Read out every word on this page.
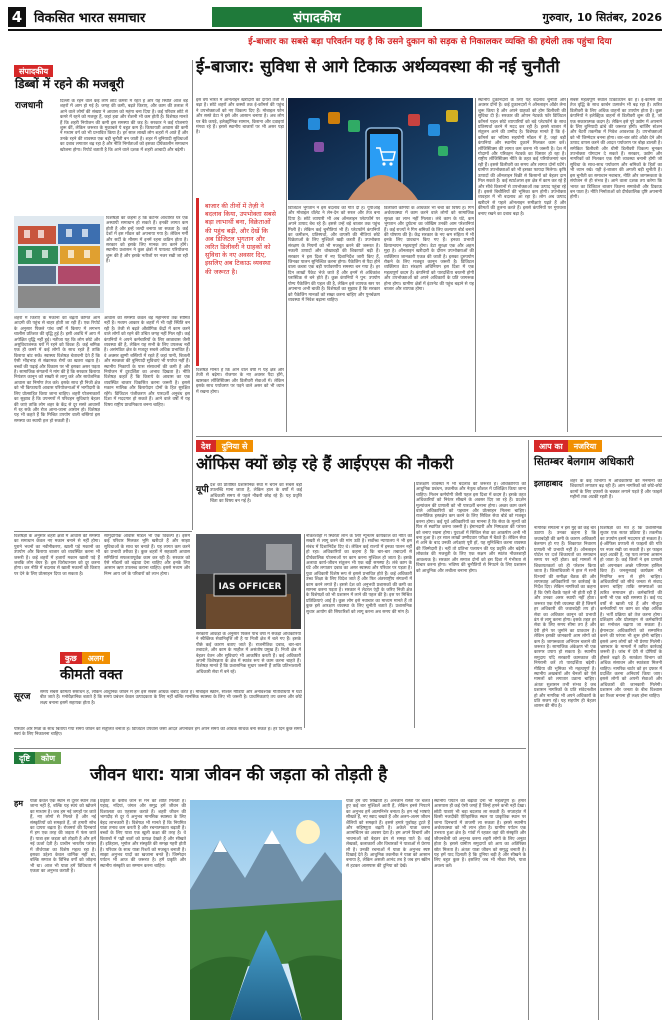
4 विकसित भारत समाचार	संपादकीय	गुरुवार, 10 सितंबर, 2026
संपादकीय
डिब्बों में रहने की मजबूरी
राजधानी	दिल्ली के रहने वाले कई लोग छोटे कमरों में रहते हैं और यह स्थिति आज बड़े शहरों में आम हो गई है। जगह की कमी, बढ़ते किराए, और काम की तलाश में आने वाले लोगों की संख्या ने आवास को महंगा बना दिया है। कई परिवार छोटे से कमरे में रहने को मजबूर हैं, जहां हवा और रोशनी भी कम होती है। विशेषज्ञ मानते हैं कि शहरी नियोजन की कमी इस समस्या की जड़ है। सरकार ने कई योजनाएं शुरू कीं, लेकिन जरूरत के मुकाबले ये बहुत कम हैं। किफायती आवास की कमी ने मध्यम वर्ग को भी प्रभावित किया है। हर साल लाखों लोग शहरों में आते हैं और उनके रहने की व्यवस्था एक बड़ी चुनौती बन जाती है। शहर में बुनियादी सुविधाओं का दबाव लगातार बढ़ रहा है और नीति निर्माताओं को इसका दीर्घकालीन समाधान खोजना होगा। रिपोर्ट बताती है कि आने वाले दशक में शहरी आबादी और बढ़ेगी।
विशेषज्ञों का कहना है कि कंटेनर आधारित घर एक अस्थायी समाधान हो सकते हैं। इनकी लागत कम होती है और इन्हें जल्दी बनाया जा सकता है। कई देशों में इस मॉडल को अपनाया गया है। लेकिन गर्मी और सर्दी के मौसम में इनमें रहना कठिन होता है। सरकार को इसके लिए मानक तय करने होंगे। स्थानीय प्रशासन ने कुछ क्षेत्रों में पायलट परियोजना शुरू की है और इसके नतीजों पर नजर रखी जा रही है।
शहरों में किराए के मकानों की बढ़ती कीमतें आम आदमी की पहुंच से बाहर होती जा रही हैं। एक रिपोर्ट के अनुसार पिछले पांच वर्षों में किराए में लगभग चालीस प्रतिशत की वृद्धि हुई है। इसी अवधि में आय में अपेक्षित वृद्धि नहीं हुई। नतीजा यह कि लोग छोटे और असुविधाजनक घरों में रहने को विवश हैं। कई श्रमिक एक ही कमरे में कई लोगों के साथ रहते हैं ताकि किराया बांट सकें। स्वास्थ्य विशेषज्ञ चेतावनी देते हैं कि ऐसी भीड़भाड़ से संक्रामक रोगों का खतरा बढ़ता है। बच्चों की पढ़ाई और विकास पर भी इसका असर पड़ता है। सामाजिक संगठनों ने मांग की है कि सरकार किराया नियंत्रण कानून को सख्ती से लागू करे और सार्वजनिक आवास का निर्माण तेज करे। इसके साथ ही निजी क्षेत्र को भी किफायती आवास परियोजनाओं में भागीदारी के लिए प्रोत्साहित किया जाना चाहिए। शहरी योजनाकारों का सुझाव है कि उपनगरों में परिवहन सुविधाएं बेहतर की जाएं ताकि लोग शहर के केंद्र से दूर सस्ते आवासों में रह सकें और रोज आना-जाना आसान हो। विशेषज्ञ यह भी कहते हैं कि मिश्रित उपयोग वाली बस्तियां इस समस्या का स्थायी हल हो सकती हैं।
आवास की समस्या केवल बड़े महानगरों तक सीमित नहीं है। मध्यम आकार के शहरों में भी यही स्थिति बन रही है। तेजी से बढ़ते औद्योगिक केंद्रों में काम करने वाले लोगों को रहने की उचित जगह नहीं मिल रही। कई कंपनियों ने अपने कर्मचारियों के लिए छात्रावास जैसी व्यवस्था की है, लेकिन यह सभी के लिए उपलब्ध नहीं है। असंगठित क्षेत्र के मजदूर सबसे अधिक प्रभावित हैं। वे अक्सर झुग्गी बस्तियों में रहते हैं जहां पानी, बिजली और स्वच्छता की बुनियादी सुविधाएं भी पर्याप्त नहीं हैं। स्थानीय निकायों के पास संसाधनों की कमी है और नियोजन में दूरदर्शिता का अभाव दिखता है। नीति विशेषज्ञ कहते हैं कि किराये के आवास का एक व्यवस्थित बाजार विकसित करना जरूरी है। इससे मकान मालिक और किरायेदार दोनों के हित सुरक्षित रहेंगे। डिजिटल पंजीकरण और पारदर्शी अनुबंध इस दिशा में मददगार हो सकते हैं। आने वाले वर्षों में यह विषय राष्ट्रीय प्राथमिकता बनना चाहिए।
ई-बाजार का सबसे बड़ा परिवर्तन यह है कि उसने दुकान को सड़क से निकालकर व्यक्ति की हथेली तक पहुंचा दिया
ई-बाजार: सुविधा से आगे टिकाऊ अर्थव्यवस्था की नई चुनौती
इस वर्ष भारत में ऑनलाइन खरीदारी का दायरा तेजी से बढ़ा है। छोटे शहरों और कस्बों तक ई-कॉमर्स की पहुंच ने उपभोक्ताओं को नए विकल्प दिए हैं। मोबाइल फोन और सस्ते डेटा ने इसे और आसान बनाया है। अब लोग घर बैठे कपड़े, इलेक्ट्रॉनिक सामान, किराना और दवाइयां मंगवा रहे हैं। इससे स्थानीय बाजारों पर भी असर पड़ा है।
बाजार की तीनों में तेज़ी ने बदलाव किया, उपभोक्ता सबसे बड़ा लाभार्थी बना, विक्रेताओं की पहुंच बढ़ी, और देखें कि अब डिजिटल भुगतान और त्वरित डिलीवरी ने ग्राहकों को सुविधा के नए अवसर दिए, इसलिए अब टिकाऊ व्यवस्था की जरूरत है।
विशेषज्ञ मानते हैं कि आने वाले वर्षों में यह क्षेत्र और तेजी से बढ़ेगा। रोजगार के नए अवसर पैदा होंगे, खासकर लॉजिस्टिक्स और डिलीवरी सेवाओं में। लेकिन इसके साथ पर्यावरण पर पड़ने वाले असर को भी ध्यान में रखना होगा।
डिजिटल भुगतान ने इस बदलाव को गति दी है। यूपीआई और मोबाइल वॉलेट ने लेन-देन को सरल और तेज बना दिया है। छोटे व्यापारी भी अब ऑनलाइन प्लेटफॉर्म पर अपने उत्पाद बेच रहे हैं। इससे उन्हें बड़े बाजार तक पहुंच मिली है। लेकिन कई चुनौतियां भी हैं। प्लेटफॉर्म कंपनियों का कमीशन, प्रतिस्पर्धा, और वापसी की नीतियां छोटे विक्रेताओं के लिए मुश्किलें खड़ी करती हैं। उपभोक्ता संरक्षण के नियमों को भी मजबूत करने की जरूरत है। नकली उत्पादों और धोखाधड़ी की शिकायतें बढ़ी हैं। सरकार ने इस दिशा में नए दिशानिर्देश जारी किए हैं, जिनका पालन सुनिश्चित करना होगा। पैकेजिंग से पैदा होने वाला कचरा एक बड़ी पर्यावरणीय समस्या बन गया है। हर दिन लाखों पैकेट भेजे जाते हैं और इनमें से अधिकांश प्लास्टिक से बने होते हैं। कुछ कंपनियों ने पुन: उपयोग योग्य पैकेजिंग की पहल की है, लेकिन इसे व्यापक स्तर पर अपनाना अभी बाकी है। विशेषज्ञों का सुझाव है कि सरकार को पैकेजिंग मानकों को सख्त करना चाहिए और पुनर्चक्रण व्यवस्था में निवेश बढ़ाना चाहिए।
डिलीवरी कर्मियों के अधिकार भी चर्चा का विषय हैं। गिग अर्थव्यवस्था में काम करने वाले लोगों को सामाजिक सुरक्षा का लाभ नहीं मिलता। लंबे काम के घंटे, कम भुगतान और दुर्घटना का जोखिम उनकी आम परेशानियां हैं। कई राज्यों ने गिग श्रमिकों के लिए कल्याण बोर्ड बनाने की घोषणा की है। केंद्र सरकार के नए श्रम संहिता में भी इनके लिए प्रावधान किए गए हैं। इनका प्रभावी क्रियान्वयन महत्वपूर्ण होगा। डेटा सुरक्षा एक और अहम मुद्दा है। ऑनलाइन खरीदारी के दौरान उपभोक्ताओं की व्यक्तिगत जानकारी एकत्र की जाती है। इसका दुरुपयोग रोकने के लिए मजबूत कानून जरूरी है। डिजिटल व्यक्तिगत डेटा संरक्षण अधिनियम इस दिशा में एक महत्वपूर्ण कदम है। कंपनियों को पारदर्शिता बरतनी होगी और उपभोक्ताओं को अपने अधिकारों के प्रति जागरूक होना होगा। ग्रामीण क्षेत्रों में इंटरनेट की पहुंच बढ़ाने से यह बाजार और व्यापक होगा।
स्थानीय दुकानदारों के लिए यह बदलाव चुनौती और अवसर दोनों है। कई दुकानदारों ने ऑनलाइन ऑर्डर लेना शुरू किया है और अपने ग्राहकों को होम डिलीवरी की सुविधा दी है। सरकार की ओपन नेटवर्क फॉर डिजिटल कॉमर्स पहल छोटे व्यापारियों को बड़े प्लेटफॉर्म के साथ प्रतिस्पर्धा करने में मदद कर रही है। इससे बाजार में संतुलन आने की उम्मीद है। विशेषज्ञ मानते हैं कि ई-कॉमर्स का भविष्य सहयोगी मॉडल में है, जहां बड़ी कंपनियां और स्थानीय दुकानें मिलकर काम करें। लॉजिस्टिक्स की लागत कम करना भी जरूरी है। देश में गोदामों और परिवहन नेटवर्क का विस्तार हो रहा है। राष्ट्रीय लॉजिस्टिक्स नीति के तहत कई परियोजनाएं चल रही हैं। इससे डिलीवरी का समय और लागत दोनों घटेंगे। ग्रामीण उपभोक्ताओं को भी इसका फायदा मिलेगा। कृषि उत्पादों की ऑनलाइन बिक्री से किसानों को बेहतर दाम मिल सकते हैं। कई स्टार्टअप्स इस क्षेत्र में काम कर रहे हैं और सीधे किसानों से उपभोक्ताओं तक उत्पाद पहुंचा रहे हैं। इससे बिचौलियों की भूमिका कम होगी। उपभोक्ता व्यवहार में भी बदलाव आ रहा है। लोग अब उत्पाद खरीदने से पहले ऑनलाइन समीक्षाएं पढ़ते हैं और कीमतों की तुलना करते हैं। इससे कंपनियों पर गुणवत्ता बनाए रखने का दबाव बढ़ा है।
सबसे महत्वपूर्ण सवाल टिकाऊपन का है। ई-कॉमर्स की तेज वृद्धि के साथ कार्बन उत्सर्जन भी बढ़ रहा है। त्वरित डिलीवरी के लिए अधिक वाहनों का उपयोग होता है। कुछ कंपनियों ने इलेक्ट्रिक वाहनों से डिलीवरी शुरू की है, जो एक सकारात्मक कदम है। लेकिन इसे पूरे उद्योग में अपनाने के लिए बुनियादी ढांचे की जरूरत होगी। चार्जिंग स्टेशन और बैटरी तकनीक में निवेश आवश्यक है। उपभोक्ताओं को भी जिम्मेदार बनना होगा। बार-बार छोटे ऑर्डर देने और उत्पाद वापस करने की आदत पर्यावरण पर बोझ डालती है। समेकित डिलीवरी और धीमी डिलीवरी विकल्प चुनकर उपभोक्ता योगदान दे सकते हैं। सरकार, उद्योग और नागरिकों को मिलकर एक ऐसी व्यवस्था बनानी होगी जो सुविधा के साथ-साथ पर्यावरण और श्रमिकों के हितों का भी ध्यान रखे। यही ई-बाजार की अगली बड़ी चुनौती है। इस चुनौती का समाधान नवाचार, नीति और जागरूकता के संयोजन से ही संभव है। आने वाला दशक तय करेगा कि भारत का डिजिटल बाजार कितना समावेशी और टिकाऊ बन पाता है। नीति निर्माताओं को दीर्घकालिक दृष्टि अपनानी होगी।
देश	दुनिया से
ऑफिस क्यों छोड़ रहे हैं आईएएस की नौकरी
यूपी देश की प्रतिष्ठित प्रशासनिक सेवा में चयन को सबसे बड़ी उपलब्धि माना जाता है, लेकिन हाल के वर्षों में कई अधिकारी समय से पहले नौकरी छोड़ रहे हैं। यह प्रवृत्ति चिंता का विषय बन गई है।
IAS OFFICER
सरकारी आंकड़ों के अनुसार पिछले पांच वर्षों में सैकड़ों अधिकारियों ने स्वैच्छिक सेवानिवृत्ति ली है या निजी क्षेत्र में चले गए हैं। इसके पीछे कई कारण बताए जाते हैं। राजनीतिक दबाव, बार-बार तबादले, और काम के माहौल में असंतोष प्रमुख हैं। निजी क्षेत्र में बेहतर वेतन और सुविधाएं भी आकर्षित करती हैं। कई अधिकारी अपनी विशेषज्ञता के क्षेत्र में स्वतंत्र रूप से काम करना चाहते हैं। विशेषज्ञ मानते हैं कि प्रशासनिक सुधार जरूरी हैं ताकि प्रतिभाशाली अधिकारी सेवा में बने रहें।
नौकरशाही में स्थिरता लाने के लिए न्यूनतम कार्यकाल की नीति को सख्ती से लागू करने की मांग उठी है। सर्वोच्च न्यायालय ने भी इस संबंध में दिशानिर्देश दिए थे। लेकिन कई राज्यों में इनका पालन नहीं हो रहा। अधिकारियों का कहना है कि बार-बार तबादलों से दीर्घकालिक योजनाओं पर काम करना मुश्किल हो जाता है। इसके अलावा कार्य-जीवन संतुलन भी एक बड़ी समस्या है। लंबे काम के घंटे और लगातार दबाव का असर स्वास्थ्य और परिवार पर पड़ता है। युवा अधिकारी विशेष रूप से इससे प्रभावित होते हैं। कई अधिकारी उच्च शिक्षा के लिए विदेश जाते हैं और फिर अंतरराष्ट्रीय संगठनों में काम करने लगते हैं। इससे देश को अनुभवी प्रशासकों की कमी का सामना करना पड़ता है। सरकार ने लेटरल एंट्री के जरिए निजी क्षेत्र के विशेषज्ञों को भी प्रशासन में लाने की पहल की है। इस पर मिश्रित प्रतिक्रियाएं आई हैं। कुछ लोग इसे नवाचार का माध्यम मानते हैं तो कुछ इसे आरक्षण व्यवस्था के लिए चुनौती बताते हैं। प्रशासनिक सुधार आयोग की सिफारिशों को लागू करना अब समय की मांग है।
प्रशिक्षण व्यवस्था में भी बदलाव की जरूरत है। अधिकारियों को आधुनिक प्रबंधन, तकनीक और नेतृत्व कौशल में प्रशिक्षित किया जाना चाहिए। मिशन कर्मयोगी जैसी पहल इस दिशा में कदम है। इसके तहत अधिकारियों को निरंतर सीखने के अवसर दिए जा रहे हैं। प्रदर्शन मूल्यांकन की प्रणाली को भी पारदर्शी बनाना होगा। अच्छा काम करने वाले अधिकारियों को पहचान और प्रोत्साहन मिलना चाहिए। राजनीतिक हस्तक्षेप कम करने के लिए सिविल सेवा बोर्ड को मजबूत करना होगा। कई पूर्व अधिकारियों का मानना है कि सेवा के मूल्यों को फिर से स्थापित करना जरूरी है। ईमानदारी और निष्पक्षता की परंपरा को बनाए रखना होगा। युवाओं में सिविल सेवा का आकर्षण अभी भी बना हुआ है। हर साल लाखों उम्मीदवार परीक्षा में बैठते हैं। लेकिन सेवा में आने के बाद उनकी अपेक्षाएं पूरी हों, यह सुनिश्चित करना व्यवस्था की जिम्मेदारी है। नहीं तो प्रतिभा पलायन की यह प्रवृत्ति और बढ़ेगी। लोकतंत्र की मजबूती के लिए एक सक्षम और स्वतंत्र नौकरशाही आवश्यक है। सरकार और समाज दोनों को इस दिशा में गंभीरता से विचार करना होगा। भविष्य की चुनौतियों से निपटने के लिए प्रशासन को आधुनिक और लचीला बनाना होगा।
आप का	नजरिया
सितम्बर बेलगाम अधिकारी
इलाहाबाद शहर के कई विभागों में अधिकारियों की मनमानी की शिकायतें लगातार बढ़ रही हैं। आम नागरिकों को छोटे-छोटे कामों के लिए दफ्तरों के चक्कर लगाने पड़ते हैं और फाइलें महीनों तक अटकी रहती हैं।
नागरिक संगठनों ने इस मुद्दे को कई बार उठाया है। उनका कहना है कि जवाबदेही की कमी के कारण अधिकारी बेलगाम हो गए हैं। शिकायत निवारण प्रणाली भी प्रभावी नहीं है। ऑनलाइन पोर्टल पर दर्ज शिकायतों का समाधान समय पर नहीं होता। कई मामलों में शिकायतकर्ता को ही परेशान किया जाता है। जिलाधिकारी ने हाल में सभी विभागों की समीक्षा बैठक की और लापरवाह अधिकारियों पर कार्रवाई के निर्देश दिए। लेकिन नागरिकों का कहना है कि ऐसी बैठकें पहले भी होती रही हैं और उनका असर स्थायी नहीं होता। जरूरत एक ऐसी व्यवस्था की है जिसमें हर अधिकारी की जवाबदेही तय हो। सेवा का अधिकार कानून को प्रभावी ढंग से लागू करना होगा। इसके तहत हर सेवा के लिए समय सीमा तय है और देरी होने पर जुर्माने का प्रावधान है। लेकिन इसकी जानकारी आम लोगों को कम है। जागरूकता अभियान चलाने की जरूरत है। सामाजिक अंकेक्षण भी एक कारगर उपाय हो सकता है। स्थानीय समुदाय यदि सरकारी कामकाज की निगरानी करें तो पारदर्शिता बढ़ेगी। मीडिया की भूमिका भी महत्वपूर्ण है। स्थानीय अखबारों और चैनलों को ऐसे मामलों को लगातार उठाना चाहिए। अंततः सुशासन तभी संभव है जब प्रशासन नागरिकों के प्रति संवेदनशील हो और नागरिक भी अपने अधिकारों के प्रति सजग रहें। यह सहयोग ही बेहतर शासन की नींव है।
विशेषज्ञों का मत है कि प्रशासनिक सुधार एक सतत प्रक्रिया है। तकनीक का उपयोग इसमें मददगार हो सकता है। ई-ऑफिस प्रणाली से फाइलों की गति पर नजर रखी जा सकती है। हर फाइल कहां अटकी है, यह पता लगाना आसान हो जाता है। कई जिलों ने इस प्रणाली को अपनाकर अच्छे परिणाम हासिल किए हैं। जनसुनवाई कार्यक्रम भी नियमित रूप से होने चाहिए। अधिकारियों को सीधे जनता से संवाद करना चाहिए ताकि समस्याओं का त्वरित समाधान हो। कर्मचारियों की कमी भी एक बड़ी समस्या है। कई पद वर्षों से खाली पड़े हैं और मौजूदा कर्मचारियों पर काम का बोझ अधिक है। भर्ती प्रक्रिया को तेज करना होगा। प्रशिक्षण और प्रोत्साहन से कर्मचारियों का मनोबल बढ़ाया जा सकता है। ईमानदार अधिकारियों को सम्मानित करने की परंपरा भी शुरू होनी चाहिए। इससे अन्य लोगों को भी प्रेरणा मिलेगी। भ्रष्टाचार के मामलों में त्वरित कार्रवाई जरूरी है। जांच में देरी से दोषियों के हौसले बढ़ते हैं। सतर्कता विभाग को अधिक संसाधन और स्वतंत्रता मिलनी चाहिए। नागरिक चार्टर को हर दफ्तर में प्रदर्शित करना अनिवार्य किया जाए। इससे लोगों को अपनी सेवाओं और अधिकारों की जानकारी मिलेगी। प्रशासन और जनता के बीच विश्वास का रिश्ता बनाना ही लक्ष्य होना चाहिए।
कुछ	अलग
विशेषज्ञों के अनुसार शहरी क्षेत्रों में आवास की समस्या का समाधान केवल नए मकान बनाने से नहीं होगा। पुराने भवनों का नवीनीकरण, खाली पड़े मकानों का उपयोग और किराया बाजार को व्यवस्थित करना भी जरूरी है। कई शहरों में हजारों मकान खाली पड़े हैं जबकि लोग बेघर हैं। इस विरोधाभास को दूर करना होगा। कर नीति में बदलाव से खाली मकानों को किराए पर देने के लिए प्रोत्साहन दिया जा सकता है।
सामुदायिक आवास मॉडल भी एक विकल्प है। इसमें कई परिवार मिलकर भूमि खरीदते हैं और साझा सुविधाओं के साथ घर बनाते हैं। यह लागत कम करने का प्रभावी तरीका है। कुछ शहरों में सहकारी आवास समितियां सफलतापूर्वक काम कर रही हैं। सरकार को ऐसे मॉडलों को बढ़ावा देना चाहिए और इनके लिए आसान ऋण उपलब्ध कराना चाहिए। इससे मध्यम और निम्न आय वर्ग के परिवारों को लाभ होगा।
कीमती वक्त
सूरज समय सबसे कीमती संसाधन है, लेकिन आधुनिक जीवन में हम इसे सबसे अधिक बर्बाद करते हैं। मोबाइल स्क्रीन, सोशल मीडिया और अनावश्यक गतिविधियों में घंटों बीत जाते हैं। मनोवैज्ञानिक बताते हैं कि समय प्रबंधन केवल उत्पादकता के लिए नहीं बल्कि मानसिक स्वास्थ्य के लिए भी जरूरी है। प्राथमिकताएं तय करना और छोटे लक्ष्य बनाना इसमें सहायक होता है।
परिवार और मित्रों के साथ बिताया गया समय जीवन को संतुलित बनाता है। डिजिटल उपवास जैसी आदतें अपनाकर हम अपने समय को अधिक सार्थक बना सकते हैं। हर दिन कुछ समय स्वयं के लिए निकालना चाहिए।
दृष्टि	कोण
जीवन धारा: यात्रा जीवन की जड़ता को तोड़ती है
हम यात्रा केवल एक स्थान से दूसरे स्थान तक जाना नहीं है, बल्कि यह स्वयं को खोजने का माध्यम है। जब हम नई जगहों पर जाते हैं, नए लोगों से मिलते हैं और नई संस्कृतियों को समझते हैं, तो हमारी सोच का दायरा बढ़ता है। रोजमर्रा की दिनचर्या में हम एक तरह की जड़ता में फंस जाते हैं। यात्रा इस जड़ता को तोड़ती है और हमें नई ऊर्जा देती है। प्राचीन भारतीय परंपरा में तीर्थयात्रा का विशेष महत्व रहा है। इसका उद्देश्य केवल धार्मिक नहीं था, बल्कि समाज के विभिन्न वर्गों को जोड़ना भी था। आज भी यात्रा हमें विविधता में एकता का अनुभव कराती है।
प्रकृति के करीब जाने से मन को शांति मिलती है। पहाड़, नदियां, जंगल और समुद्र हमें जीवन की विशालता का एहसास कराते हैं। शहरी जीवन की भागदौड़ से दूर ये अनुभव मानसिक स्वास्थ्य के लिए बेहद लाभकारी हैं। विशेषज्ञ भी मानते हैं कि नियमित यात्रा तनाव कम करती है और रचनात्मकता बढ़ाती है। बच्चों के लिए यात्रा एक खुली कक्षा की तरह है। वे किताबों में पढ़ी बातों को प्रत्यक्ष देखते हैं और सीखते हैं। इतिहास, भूगोल और संस्कृति की समझ गहरी होती है। परिवार के साथ यात्रा रिश्तों को मजबूत बनाती है। साझा अनुभव यादों का खजाना बनते हैं। जिम्मेदार पर्यटन भी आज की जरूरत है। हमें प्रकृति और स्थानीय संस्कृति का सम्मान करना चाहिए।
यात्रा हमें धैर्य सिखाती है। अनजान रास्तों पर चलते हुए कई बार मुश्किलें आती हैं, लेकिन इनसे निपटने का अनुभव हमें आत्मनिर्भर बनाता है। हम नई भाषाएं सीखते हैं, नए स्वाद चखते हैं और अलग-अलग जीवन शैलियों को समझते हैं। इससे हमारे पूर्वाग्रह टूटते हैं और सहिष्णुता बढ़ती है। अकेले यात्रा करना आत्मचिंतन का अवसर देता है। हम अपने विचारों और भावनाओं को बेहतर ढंग से समझ पाते हैं। कई लेखकों, कलाकारों और विचारकों ने यात्राओं से प्रेरणा ली है। उनकी रचनाओं में यात्रा के अनुभव स्पष्ट दिखाई देते हैं। आधुनिक तकनीक ने यात्रा को आसान बनाया है, लेकिन असली आनंद तब है जब हम स्क्रीन से हटकर आसपास की दुनिया को देखें।
स्थानीय पर्यटन को बढ़ावा देना भी महत्वपूर्ण है। हमारे आसपास ही कई ऐसी जगहें हैं जिन्हें हमने कभी नहीं देखा। छोटी यात्राएं भी बड़ा बदलाव ला सकती हैं। सप्ताहांत में किसी नजदीकी ऐतिहासिक स्थल या प्राकृतिक स्थान पर जाना दिनचर्या में ताजगी ला सकता है। इससे स्थानीय अर्थव्यवस्था को भी लाभ होता है। ग्रामीण पर्यटन एक उभरता हुआ क्षेत्र है। गांवों में रहकर वहां की संस्कृति और जीवनशैली को अनुभव करना शहरी लोगों के लिए अनूठा होता है। इससे ग्रामीण समुदायों को आय का अतिरिक्त स्रोत मिलता है। अंततः यात्रा जीवन को समृद्ध बनाती है। यह हमें याद दिलाती है कि दुनिया बड़ी है और सीखने के लिए बहुत कुछ है। इसलिए जब भी मौका मिले, यात्रा अवश्य करें।
